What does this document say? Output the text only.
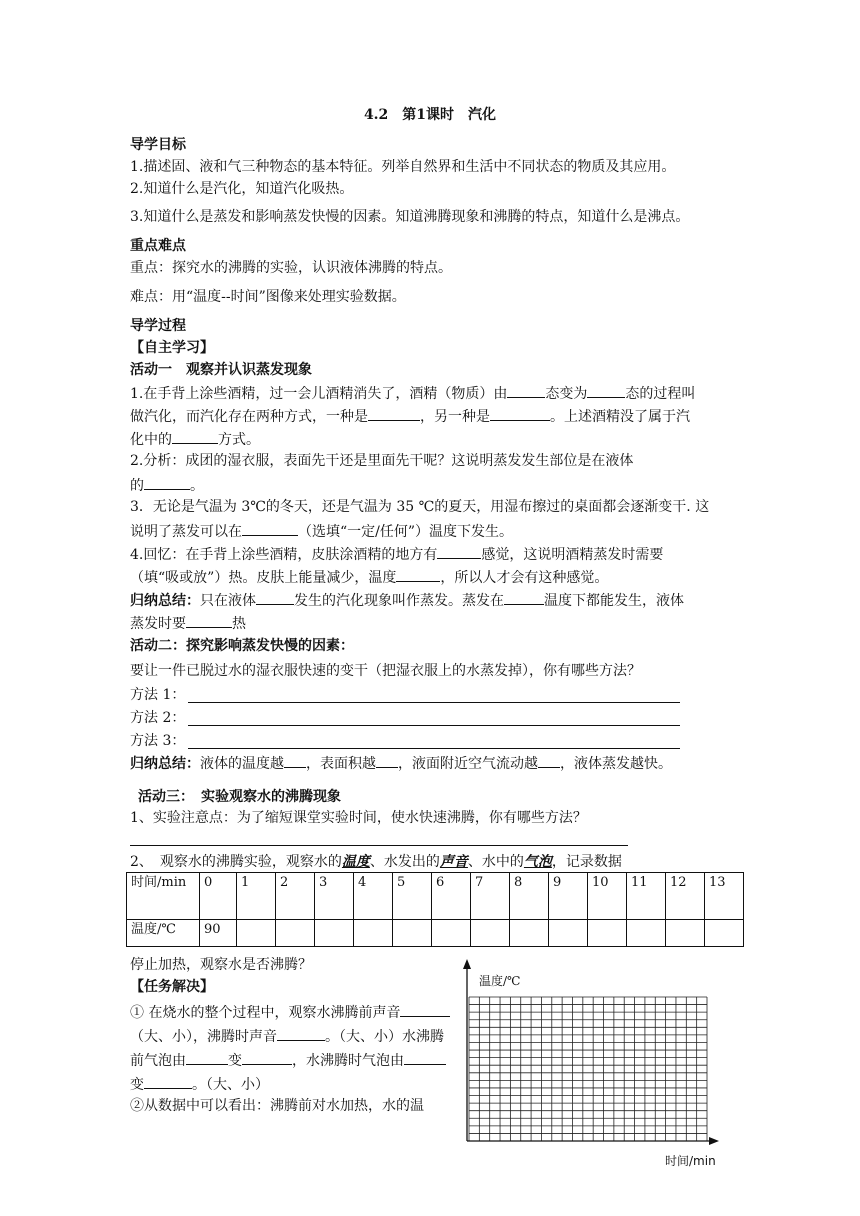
4.2　第1课时　汽化
导学目标
1.描述固、液和气三种物态的基本特征。列举自然界和生活中不同状态的物质及其应用。
2.知道什么是汽化，知道汽化吸热。
3.知道什么是蒸发和影响蒸发快慢的因素。知道沸腾现象和沸腾的特点，知道什么是沸点。
重点难点
重点：探究水的沸腾的实验，认识液体沸腾的特点。
难点：用“温度--时间”图像来处理实验数据。
导学过程
【自主学习】
活动一　观察并认识蒸发现象
1.在手背上涂些酒精，过一会儿酒精消失了，酒精（物质）由	态变为	态的过程叫
做汽化，而汽化存在两种方式，一种是	，另一种是	。上述酒精没了属于汽
化中的	方式。
2.分析：成团的湿衣服，表面先干还是里面先干呢？这说明蒸发发生部位是在液体
的	。
3．无论是气温为 3℃的冬天，还是气温为 35 ℃的夏天，用湿布擦过的桌面都会逐渐变干. 这
说明了蒸发可以在	（选填“一定/任何”）温度下发生。
4.回忆：在手背上涂些酒精，皮肤涂酒精的地方有	感觉，这说明酒精蒸发时需要
（填“吸或放”）热。皮肤上能量减少，温度	，所以人才会有这种感觉。
归纳总结：只在液体	发生的汽化现象叫作蒸发。蒸发在	温度下都能发生，液体
蒸发时要	热
活动二：探究影响蒸发快慢的因素：
要让一件已脱过水的湿衣服快速的变干（把湿衣服上的水蒸发掉），你有哪些方法？
方法 1：
方法 2：
方法 3：
归纳总结：液体的温度越 ，表面积越 ，液面附近空气流动越 ，液体蒸发越快。
活动三：　实验观察水的沸腾现象
1、实验注意点：为了缩短课堂实验时间，使水快速沸腾，你有哪些方法？
2、　观察水的沸腾实验，观察水的温度、水发出的声音、水中的气泡，记录数据
时间/min	0	1	2	3	4	5	6	7	8	9	10	11	12	13
温度/℃	90													
停止加热，观察水是否沸腾？
【任务解决】
① 在烧水的整个过程中，观察水沸腾前声音（大、小），沸腾时声音	。（大、小）水沸腾前气泡由	变	，水沸腾时气泡由变	。（大、小）
②从数据中可以看出：沸腾前对水加热，水的温
温度/℃
时间/min
